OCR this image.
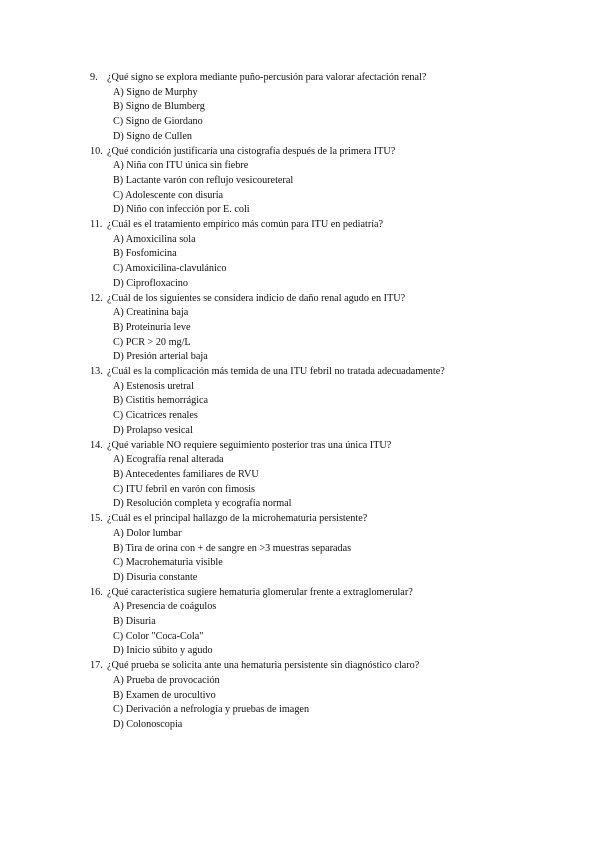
9. ¿Qué signo se explora mediante puño-percusión para valorar afectación renal?
A) Signo de Murphy
B) Signo de Blumberg
C) Signo de Giordano
D) Signo de Cullen
10. ¿Qué condición justificaría una cistografía después de la primera ITU?
A) Niña con ITU única sin fiebre
B) Lactante varón con reflujo vesicoureteral
C) Adolescente con disuria
D) Niño con infección por E. coli
11. ¿Cuál es el tratamiento empírico más común para ITU en pediatría?
A) Amoxicilina sola
B) Fosfomicina
C) Amoxicilina-clavulánico
D) Ciprofloxacino
12. ¿Cuál de los siguientes se considera indicio de daño renal agudo en ITU?
A) Creatinina baja
B) Proteinuria leve
C) PCR > 20 mg/L
D) Presión arterial baja
13. ¿Cuál es la complicación más temida de una ITU febril no tratada adecuadamente?
A) Estenosis uretral
B) Cistitis hemorrágica
C) Cicatrices renales
D) Prolapso vesical
14. ¿Qué variable NO requiere seguimiento posterior tras una única ITU?
A) Ecografía renal alterada
B) Antecedentes familiares de RVU
C) ITU febril en varón con fimosis
D) Resolución completa y ecografía normal
15. ¿Cuál es el principal hallazgo de la microhematuria persistente?
A) Dolor lumbar
B) Tira de orina con + de sangre en >3 muestras separadas
C) Macrohematuria visible
D) Disuria constante
16. ¿Qué característica sugiere hematuria glomerular frente a extraglomerular?
A) Presencia de coágulos
B) Disuria
C) Color "Coca-Cola"
D) Inicio súbito y agudo
17. ¿Qué prueba se solicita ante una hematuria persistente sin diagnóstico claro?
A) Prueba de provocación
B) Examen de urocultivo
C) Derivación a nefrología y pruebas de imagen
D) Colonoscopia
